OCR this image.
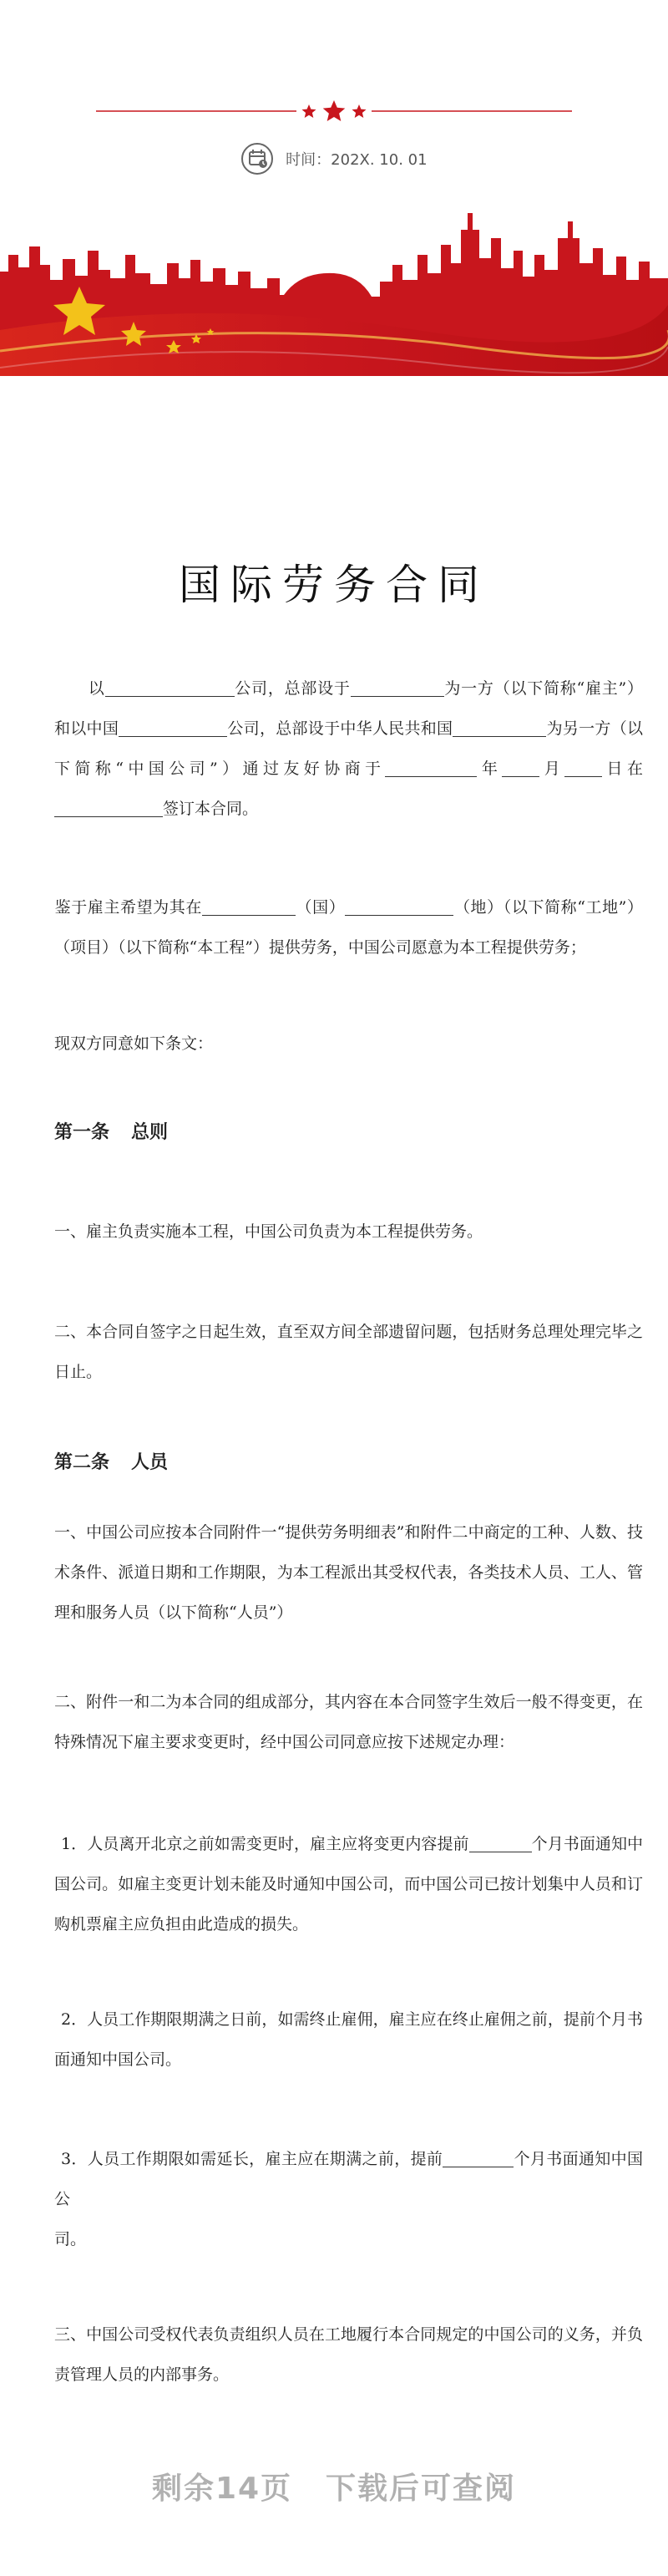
时间：202X. 10. 01
国际劳务合同
以	公司，总部设于	为一方（以下简称“雇主”）和以中国	公司，总部设于中华人民共和国	为另一方（以下简称“中国公司”）通过友好协商于	年 月 日在签订本合同。
鉴于雇主希望为其在	（国）	（地）（以下简称“工地”）（项目）（以下简称“本工程”）提供劳务，中国公司愿意为本工程提供劳务；
现双方同意如下条文：
第一条 总则
一、雇主负责实施本工程，中国公司负责为本工程提供劳务。
二、本合同自签字之日起生效，直至双方间全部遗留问题，包括财务总理处理完毕之日止。
第二条 人员
一、中国公司应按本合同附件一“提供劳务明细表”和附件二中商定的工种、人数、技术条件、派道日期和工作期限，为本工程派出其受权代表，各类技术人员、工人、管理和服务人员（以下简称“人员”）
二、附件一和二为本合同的组成部分，其内容在本合同签字生效后一般不得变更，在特殊情况下雇主要求变更时，经中国公司同意应按下述规定办理：
1．人员离开北京之前如需变更时，雇主应将变更内容提前	个月书面通知中国公司。如雇主变更计划未能及时通知中国公司，而中国公司已按计划集中人员和订购机票雇主应负担由此造成的损失。
2．人员工作期限期满之日前，如需终止雇佣，雇主应在终止雇佣之前，提前个月书面通知中国公司。
3．人员工作期限如需延长，雇主应在期满之前，提前	个月书面通知中国公
司。
三、中国公司受权代表负责组织人员在工地履行本合同规定的中国公司的义务，并负责管理人员的内部事务。
剩余14页 下载后可查阅
